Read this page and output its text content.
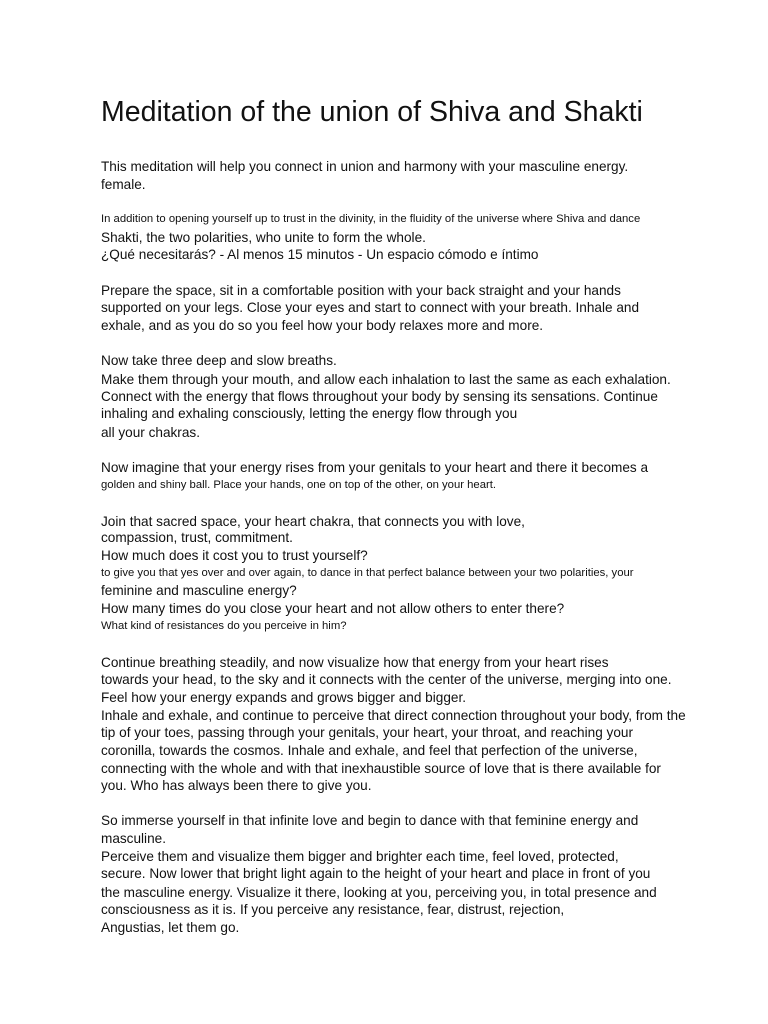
Meditation of the union of Shiva and Shakti

This meditation will help you connect in union and harmony with your masculine energy.

female.

In addition to opening yourself up to trust in the divinity, in the fluidity of the universe where Shiva and dance

Shakti, the two polarities, who unite to form the whole.

¿Qué necesitarás? - Al menos 15 minutos - Un espacio cómodo e íntimo

Prepare the space, sit in a comfortable position with your back straight and your hands

supported on your legs. Close your eyes and start to connect with your breath. Inhale and

exhale, and as you do so you feel how your body relaxes more and more.

Now take three deep and slow breaths.

Make them through your mouth, and allow each inhalation to last the same as each exhalation.

Connect with the energy that flows throughout your body by sensing its sensations. Continue

inhaling and exhaling consciously, letting the energy flow through you

all your chakras.

Now imagine that your energy rises from your genitals to your heart and there it becomes a

golden and shiny ball. Place your hands, one on top of the other, on your heart.

Join that sacred space, your heart chakra, that connects you with love,

compassion, trust, commitment.

How much does it cost you to trust yourself?

to give you that yes over and over again, to dance in that perfect balance between your two polarities, your

feminine and masculine energy?

How many times do you close your heart and not allow others to enter there?

What kind of resistances do you perceive in him?

Continue breathing steadily, and now visualize how that energy from your heart rises

towards your head, to the sky and it connects with the center of the universe, merging into one.

Feel how your energy expands and grows bigger and bigger.

Inhale and exhale, and continue to perceive that direct connection throughout your body, from the

tip of your toes, passing through your genitals, your heart, your throat, and reaching your

coronilla, towards the cosmos. Inhale and exhale, and feel that perfection of the universe,

connecting with the whole and with that inexhaustible source of love that is there available for

you. Who has always been there to give you.

So immerse yourself in that infinite love and begin to dance with that feminine energy and

masculine.

Perceive them and visualize them bigger and brighter each time, feel loved, protected,

secure. Now lower that bright light again to the height of your heart and place in front of you

the masculine energy. Visualize it there, looking at you, perceiving you, in total presence and

consciousness as it is. If you perceive any resistance, fear, distrust, rejection,

Angustias, let them go.
